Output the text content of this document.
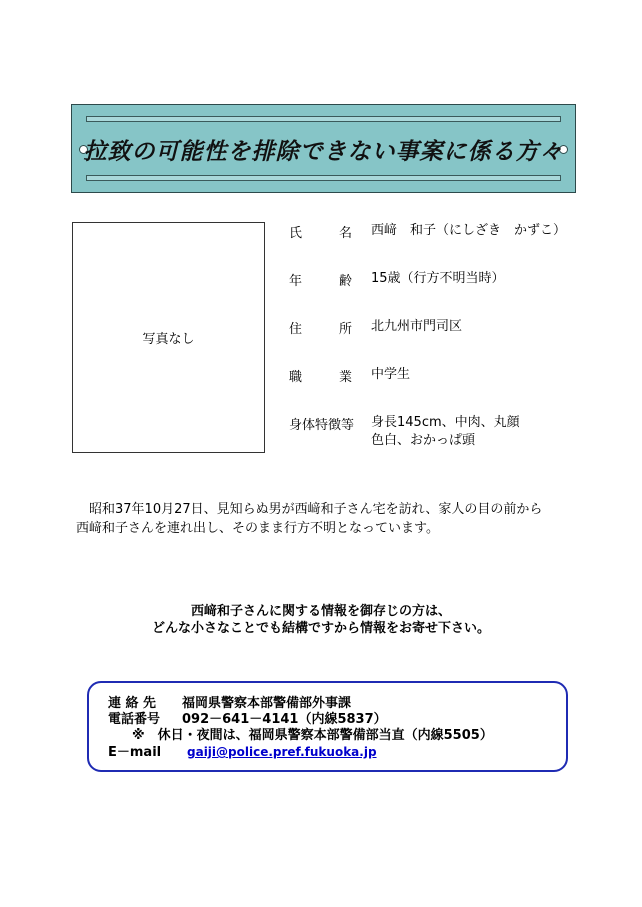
拉致の可能性を排除できない事案に係る方々
写真なし
氏	名 西﨑　和子（にしざき　かずこ）
年	齢 15歳（行方不明当時）
住	所 北九州市門司区
職	業 中学生
身体特徴等 身長145cm、中肉、丸顔
色白、おかっぱ頭
　昭和37年10月27日、見知らぬ男が西﨑和子さん宅を訪れ、家人の目の前から
西﨑和子さんを連れ出し、そのまま行方不明となっています。
西﨑和子さんに関する情報を御存じの方は、
どんな小さなことでも結構ですから情報をお寄せ下さい。
連 絡 先 福岡県警察本部警備部外事課
電話番号 092－641－4141（内線5837）
※　休日・夜間は、福岡県警察本部警備部当直（内線5505）
E－mail gaiji@police.pref.fukuoka.jp
